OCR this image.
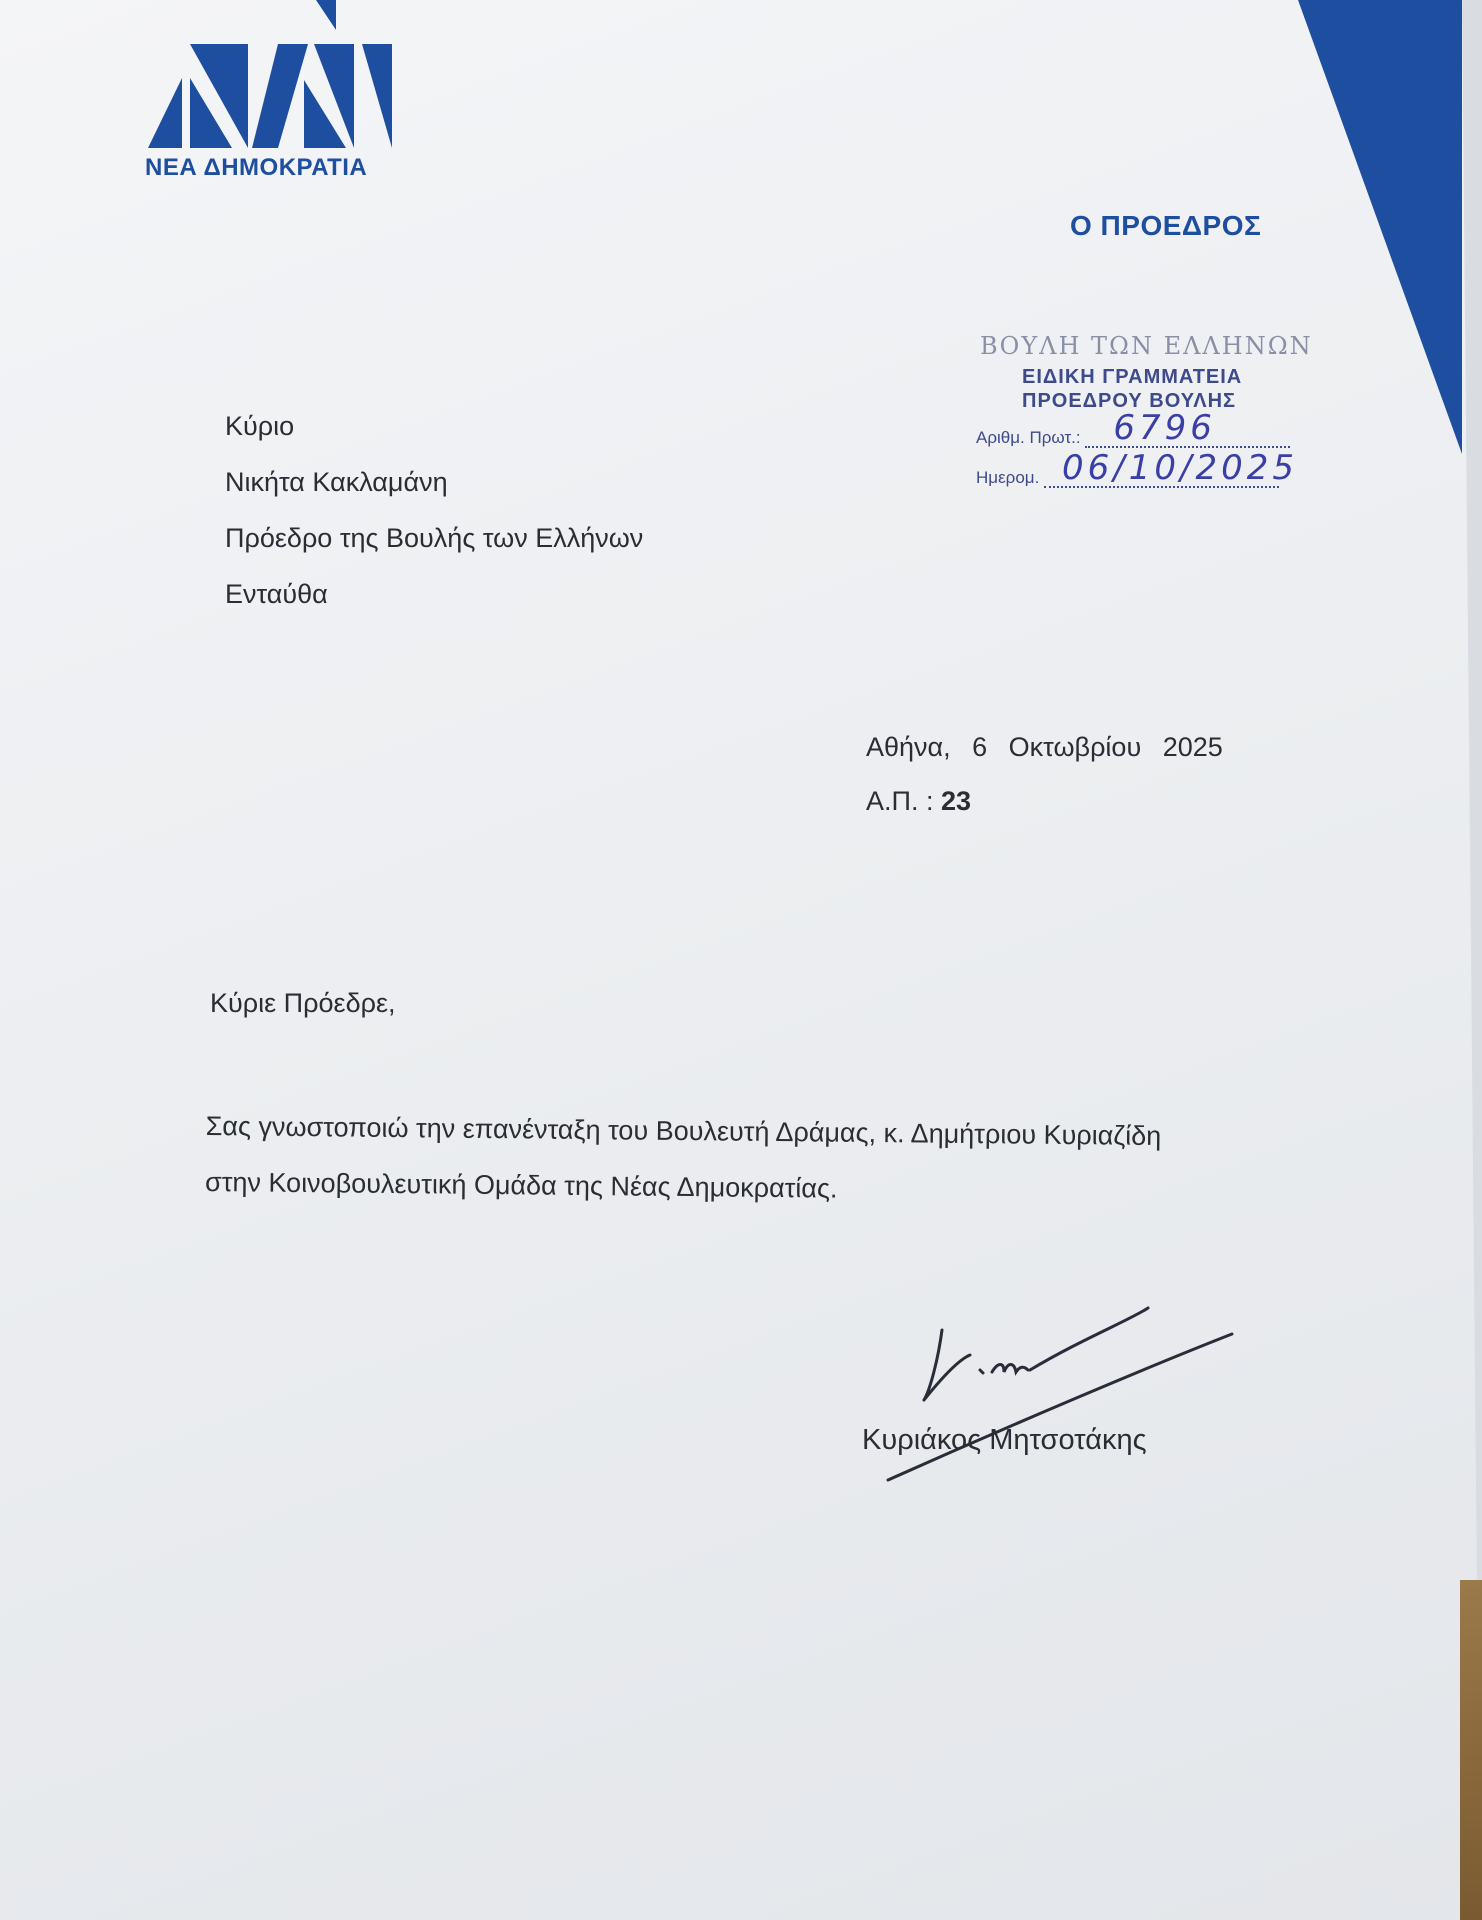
ΝΕΑ ΔΗΜΟΚΡΑΤΙΑ
Ο ΠΡΟΕΔΡΟΣ
ΒΟΥΛΗ ΤΩΝ ΕΛΛΗΝΩΝ
ΕΙΔΙΚΗ ΓΡΑΜΜΑΤΕΙΑ
ΠΡΟΕΔΡΟΥ ΒΟΥΛΗΣ
Αριθμ. Πρωτ.: 6796
Ημερομ. 06/10/2025
Κύριο
Νικήτα Κακλαμάνη
Πρόεδρο της Βουλής των Ελλήνων
Ενταύθα
Αθήνα, 6 Οκτωβρίου 2025
Α.Π. : 23
Κύριε Πρόεδρε,
Σας γνωστοποιώ την επανένταξη του Βουλευτή Δράμας, κ. Δημήτριου Κυριαζίδη
στην Κοινοβουλευτική Ομάδα της Νέας Δημοκρατίας.
Κυριάκος Μητσοτάκης
